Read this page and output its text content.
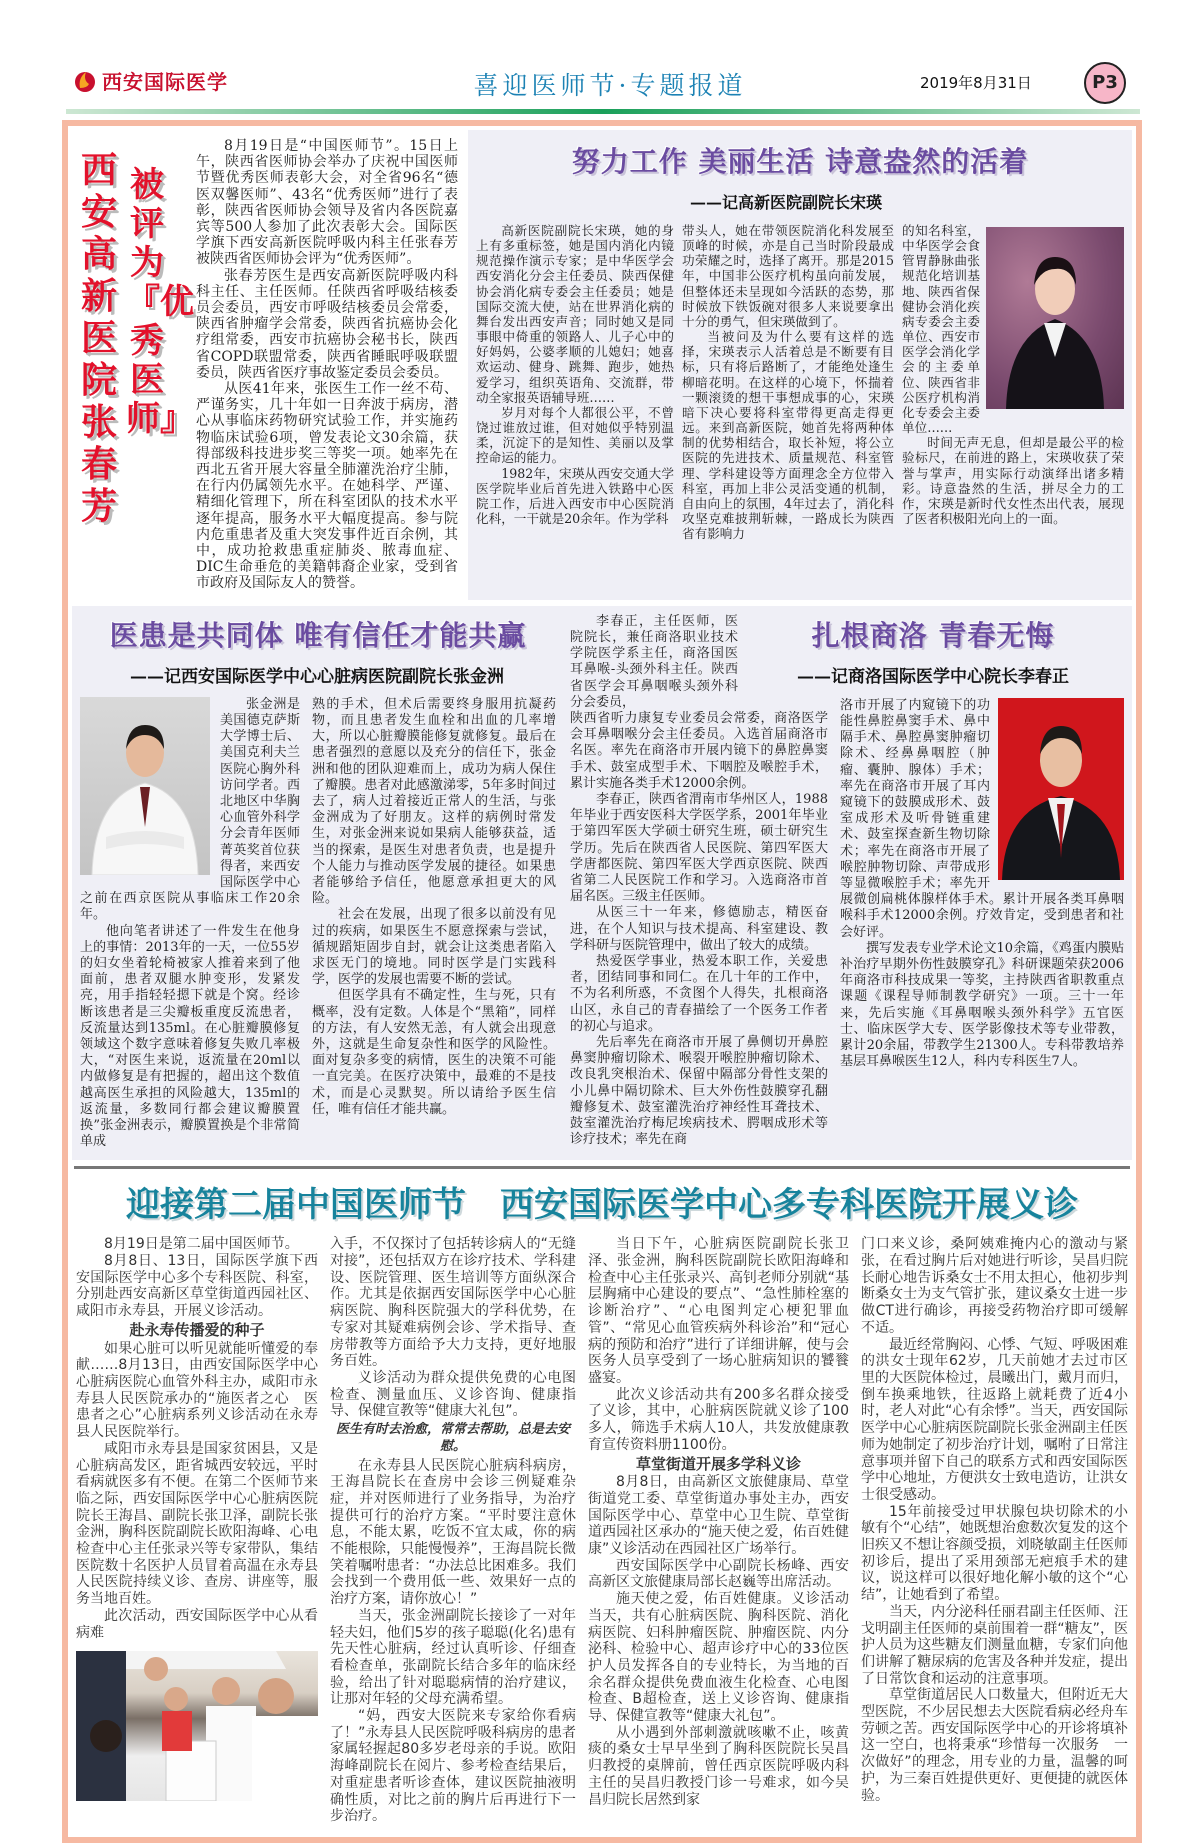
西安国际医学	喜迎医师节·专题报道	2019年8月31日	P3
西安高新医院张春芳
被评为『优秀医师』

8月19日是“中国医师节”。15日上午，陕西省医师协会举办了庆祝中国医师节暨优秀医师表彰大会，对全省96名“德医双馨医师”、43名“优秀医师”进行了表彰，陕西省医师协会领导及省内各医院嘉宾等500人参加了此次表彰大会。国际医学旗下西安高新医院呼吸内科主任张春芳被陕西省医师协会评为“优秀医师”。

张春芳医生是西安高新医院呼吸内科科主任、主任医师。任陕西省呼吸结核委员会委员，西安市呼吸结核委员会常委，陕西省肿瘤学会常委，陕西省抗癌协会化疗组常委，西安市抗癌协会秘书长，陕西省COPD联盟常委，陕西省睡眠呼吸联盟委员，陕西省医疗事故鉴定委员会委员。

从医41年来，张医生工作一丝不苟、严谨务实，几十年如一日奔波于病房，潜心从事临床药物研究试验工作，并实施药物临床试验6项，曾发表论文30余篇，获得部级科技进步奖三等奖一项。她率先在西北五省开展大容量全肺灌洗治疗尘肺，在行内仍属领先水平。在她科学、严谨、精细化管理下，所在科室团队的技术水平逐年提高，服务水平大幅度提高。参与院内危重患者及重大突发事件近百余例，其中，成功抢救患重症肺炎、脓毒血症、DIC生命垂危的美籍韩裔企业家，受到省市政府及国际友人的赞誉。

努力工作 美丽生活 诗意盎然的活着
——记高新医院副院长宋瑛

高新医院副院长宋瑛，她的身上有多重标签，她是国内消化内镜规范操作演示专家；是中华医学会西安消化分会主任委员、陕西保健协会消化病专委会主任委员；她是国际交流大使，站在世界消化病的舞台发出西安声音；同时她又是同事眼中倚重的领路人、儿子心中的好妈妈，公婆孝顺的儿媳妇；她喜欢运动、健身、跳舞、跑步，她热爱学习，组织英语角、交流群，带动全家报英语辅导班……

岁月对每个人都很公平，不曾饶过谁放过谁，但对她似乎特别温柔，沉淀下的是知性、美丽以及掌控命运的能力。

1982年，宋瑛从西安交通大学医学院毕业后首先进入铁路中心医院工作，后进入西安市中心医院消化科，一干就是20余年。作为学科

带头人，她在带领医院消化科发展至顶峰的时候，亦是自己当时阶段最成功荣耀之时，选择了离开。那是2015年，中国非公医疗机构虽向前发展，但整体还未呈现如今活跃的态势，那时候放下铁饭碗对很多人来说要拿出十分的勇气，但宋瑛做到了。

当被问及为什么要有这样的选择，宋瑛表示人活着总是不断要有目标，只有将后路断了，才能绝处逢生柳暗花明。在这样的心境下，怀揣着一颗滚烫的想干事想成事的心，宋瑛暗下决心要将科室带得更高走得更远。来到高新医院，她首先将两种体制的优势相结合，取长补短，将公立医院的先进技术、质量规范、科室管理、学科建设等方面理念全方位带入科室，再加上非公灵活变通的机制，自由向上的氛围，4年过去了，消化科攻坚克难披荆斩棘，一路成长为陕西省有影响力

的知名科室，中华医学会食管胃静脉曲张规范化培训基地、陕西省保健协会消化疾病专委会主委单位、西安市医学会消化学会的主委单位、陕西省非公医疗机构消化专委会主委单位……

时间无声无息，但却是最公平的检验标尺，在前进的路上，宋瑛收获了荣誉与掌声，用实际行动演绎出诸多精彩。诗意盎然的生活，拼尽全力的工作，宋瑛是新时代女性杰出代表，展现了医者积极阳光向上的一面。

医患是共同体 唯有信任才能共赢
——记西安国际医学中心心脏病医院副院长张金洲

张金洲是美国德克萨斯大学博士后、美国克利夫兰医院心胸外科访问学者。西北地区中华胸心血管外科学分会青年医师菁英奖首位获得者，来西安国际医学中心之前在西京医院从事临床工作20余年。

他向笔者讲述了一件发生在他身上的事情：2013年的一天，一位55岁的妇女坐着轮椅被家人推着来到了他面前，患者双腿水肿变形，发紧发亮，用手指轻轻摁下就是个窝。经诊断该患者是三尖瓣板重度反流患者，反流量达到135ml。在心脏瓣膜修复领域这个数字意味着修复失败几率极大，“对医生来说，返流量在20ml以内做修复是有把握的，超出这个数值越高医生承担的风险越大，135ml的返流量，多数同行都会建议瓣膜置换”张金洲表示，瓣膜置换是个非常简单成

熟的手术，但术后需要终身服用抗凝药物，而且患者发生血栓和出血的几率增大，所以心脏瓣膜能修复就修复。最后在患者强烈的意愿以及充分的信任下，张金洲和他的团队迎难而上，成功为病人保住了瓣膜。患者对此感激涕零，5年多时间过去了，病人过着接近正常人的生活，与张金洲成为了好朋友。这样的病例时常发生，对张金洲来说如果病人能够获益，适当的探索，是医生对患者负责，也是提升个人能力与推动医学发展的捷径。如果患者能够给予信任，他愿意承担更大的风险。

社会在发展，出现了很多以前没有见过的疾病，如果医生不愿意探索与尝试，循规蹈矩固步自封，就会让这类患者陷入求医无门的境地。同时医学是门实践科学，医学的发展也需要不断的尝试。

但医学具有不确定性，生与死，只有概率，没有定数。人体是个“黑箱”，同样的方法，有人安然无恙，有人就会出现意外，这就是生命复杂性和医学的风险性。面对复杂多变的病情，医生的决策不可能一直完美。在医疗决策中，最难的不是技术，而是心灵默契。所以请给予医生信任，唯有信任才能共赢。

扎根商洛 青春无悔
——记商洛国际医学中心院长李春正

李春正，主任医师，医院院长，兼任商洛职业技术学院医学系主任，商洛国医耳鼻喉-头颈外科主任。陕西省医学会耳鼻咽喉头颈外科分会委员，

陕西省听力康复专业委员会常委，商洛医学会耳鼻咽喉分会主任委员。入选首届商洛市名医。率先在商洛市开展内镜下的鼻腔鼻窦手术、鼓室成型手术、下咽腔及喉腔手术，累计实施各类手术12000余例。

李春正，陕西省渭南市华州区人，1988年毕业于西安医科大学医学系，2001年毕业于第四军医大学硕士研究生班，硕士研究生学历。先后在陕西省人民医院、第四军医大学唐都医院、第四军医大学西京医院、陕西省第二人民医院工作和学习。入选商洛市首届名医。三级主任医师。

从医三十一年来，修德励志，精医奋进，在个人知识与技术提高、科室建设、教学科研与医院管理中，做出了较大的成绩。

热爱医学事业，热爱本职工作，关爱患者，团结同事和同仁。在几十年的工作中，不为名利所惑，不贪图个人得失，扎根商洛山区，永自己的青春描绘了一个医务工作者的初心与追求。

先后率先在商洛市开展了鼻侧切开鼻腔鼻窦肿瘤切除术、喉裂开喉腔肿瘤切除术、改良乳突根治术、保留中隔部分骨性支架的小儿鼻中隔切除术、巨大外伤性鼓膜穿孔翻瓣修复术、鼓室灌洗治疗神经性耳聋技术、鼓室灌洗治疗梅尼埃病技术、腭咽成形术等诊疗技术；率先在商

洛市开展了内窥镜下的功能性鼻腔鼻窦手术、鼻中隔手术、鼻腔鼻窦肿瘤切除术、经鼻鼻咽腔（肿瘤、囊肿、腺体）手术；率先在商洛市开展了耳内窥镜下的鼓膜成形术、鼓室成形术及听骨链重建术、鼓室探查新生物切除术；率先在商洛市开展了喉腔肿物切除、声带成形等显微喉腔手术；率先开展微创扁桃体腺样体手术。累计开展各类耳鼻咽喉科手术12000余例。疗效肯定，受到患者和社会好评。

撰写发表专业学术论文10余篇，《鸡蛋内膜贴补治疗早期外伤性鼓膜穿孔》科研课题荣获2006年商洛市科技成果一等奖，主持陕西省职教重点课题《课程导师制教学研究》一项。三十一年来，先后实施《耳鼻咽喉头颈外科学》五官医士、临床医学大专、医学影像技术等专业带教，累计20余届，带教学生21300人。专科带教培养基层耳鼻喉医生12人，科内专科医生7人。

迎接第二届中国医师节　西安国际医学中心多专科医院开展义诊

8月19日是第二届中国医师节。

8月8日、13日，国际医学旗下西安国际医学中心多个专科医院、科室，分别赴西安高新区草堂街道西园社区、咸阳市永寿县，开展义诊活动。

赴永寿传播爱的种子

如果心脏可以听见就能听懂爱的奉献……8月13日，由西安国际医学中心心脏病医院心血管外科主办，咸阳市永寿县人民医院承办的“施医者之心　医患者之心”心脏病系列义诊活动在永寿县人民医院举行。

咸阳市永寿县是国家贫困县，又是心脏病高发区，距省城西安较远，平时看病就医多有不便。在第二个医师节来临之际，西安国际医学中心心脏病医院院长王海昌、副院长张卫泽，副院长张金洲，胸科医院副院长欧阳海峰、心电检查中心主任张录兴等专家带队，集结医院数十名医护人员冒着高温在永寿县人民医院持续义诊、查房、讲座等，服务当地百姓。

此次活动，西安国际医学中心从看病难

入手，不仅探讨了包括转诊病人的“无缝对接”，还包括双方在诊疗技术、学科建设、医院管理、医生培训等方面纵深合作。尤其是依据西安国际医学中心心脏病医院、胸科医院强大的学科优势，在专家对其疑难病例会诊、学术指导、查房带教等方面给予大力支持，更好地服务百姓。

义诊活动为群众提供免费的心电图检查、测量血压、义诊咨询、健康指导、保健宣教等“健康大礼包”。

医生有时去治愈，常常去帮助，总是去安慰。

在永寿县人民医院心脏病科病房，王海昌院长在查房中会诊三例疑难杂症，并对医师进行了业务指导，为治疗提供可行的治疗方案。“平时要注意休息，不能太累，吃饭不宜太咸，你的病不能根除，只能慢慢养”，王海昌院长微笑着嘱咐患者：“办法总比困难多。我们会找到一个费用低一些、效果好一点的治疗方案，请你放心！”

当天，张金洲副院长接诊了一对年轻夫妇，他们5岁的孩子聪聪(化名)患有先天性心脏病，经过认真听诊、仔细查看检查单，张副院长结合多年的临床经验，给出了针对聪聪病情的治疗建议，让那对年轻的父母充满希望。

“妈，西安大医院来专家给你看病了！”永寿县人民医院呼吸科病房的患者家属轻握起80多岁老母亲的手说。欧阳海峰副院长在阅片、参考检查结果后，对重症患者听诊查体，建议医院抽液明确性质，对比之前的胸片后再进行下一步治疗。

当日下午，心脏病医院副院长张卫泽、张金洲，胸科医院副院长欧阳海峰和检查中心主任张录兴、高钊老师分别就“基层胸痛中心建设的要点”、“急性肺栓塞的诊断治疗”、“心电图判定心梗犯罪血管”、“常见心血管疾病外科诊治”和“冠心病的预防和治疗”进行了详细讲解，使与会医务人员享受到了一场心脏病知识的饕餮盛宴。

此次义诊活动共有200多名群众接受了义诊，其中，心脏病医院就义诊了100多人，筛选手术病人10人，共发放健康教育宣传资料册1100份。

草堂街道开展多学科义诊

8月8日，由高新区文旅健康局、草堂街道党工委、草堂街道办事处主办，西安国际医学中心、草堂中心卫生院、草堂街道西园社区承办的“施天使之爱，佑百姓健康”义诊活动在西园社区广场举行。

西安国际医学中心副院长杨峰、西安高新区文旅健康局部长赵巍等出席活动。

施天使之爱，佑百姓健康。义诊活动当天，共有心脏病医院、胸科医院、消化病医院、妇科肿瘤医院、肿瘤医院、内分泌科、检验中心、超声诊疗中心的33位医护人员发挥各自的专业特长，为当地的百余名群众提供免费血液生化检查、心电图检查、B超检查，送上义诊咨询、健康指导、保健宣教等“健康大礼包”。

从小遇到外部刺激就咳嗽不止，咳黄痰的桑女士早早坐到了胸科医院院长吴昌归教授的桌牌前，曾任西京医院呼吸内科主任的吴昌归教授门诊一号难求，如今吴昌归院长居然到家

门口来义诊，桑阿姨难掩内心的激动与紧张，在看过胸片后对她进行听诊，吴昌归院长耐心地告诉桑女士不用太担心，他初步判断桑女士为支气管扩张，建议桑女士进一步做CT进行确诊，再接受药物治疗即可缓解不适。

最近经常胸闷、心悸、气短、呼吸困难的洪女士现年62岁，几天前她才去过市区里的大医院体检过，晨曦出门，戴月而归，倒车换乘地铁，往返路上就耗费了近4小时，老人对此“心有余悸”。当天，西安国际医学中心心脏病医院副院长张金洲副主任医师为她制定了初步治疗计划，嘱咐了日常注意事项并留下自己的联系方式和西安国际医学中心地址，方便洪女士致电造访，让洪女士很受感动。

15年前接受过甲状腺包块切除术的小敏有个“心结”，她既想治愈数次复发的这个旧疾又不想让容颜受损，刘晓敏副主任医师初诊后，提出了采用颈部无疤痕手术的建议，说这样可以很好地化解小敏的这个“心结”，让她看到了希望。

当天，内分泌科任丽君副主任医师、汪戈明副主任医师的桌前围着一群“糖友”，医护人员为这些糖友们测量血糖，专家们向他们讲解了糖尿病的危害及各种并发症，提出了日常饮食和运动的注意事项。

草堂街道居民人口数量大，但附近无大型医院，不少居民想去大医院看病必经舟车劳顿之苦。西安国际医学中心的开诊将填补这一空白，也将秉承“珍惜每一次服务　一次做好”的理念，用专业的力量，温馨的呵护，为三秦百姓提供更好、更便捷的就医体验。
